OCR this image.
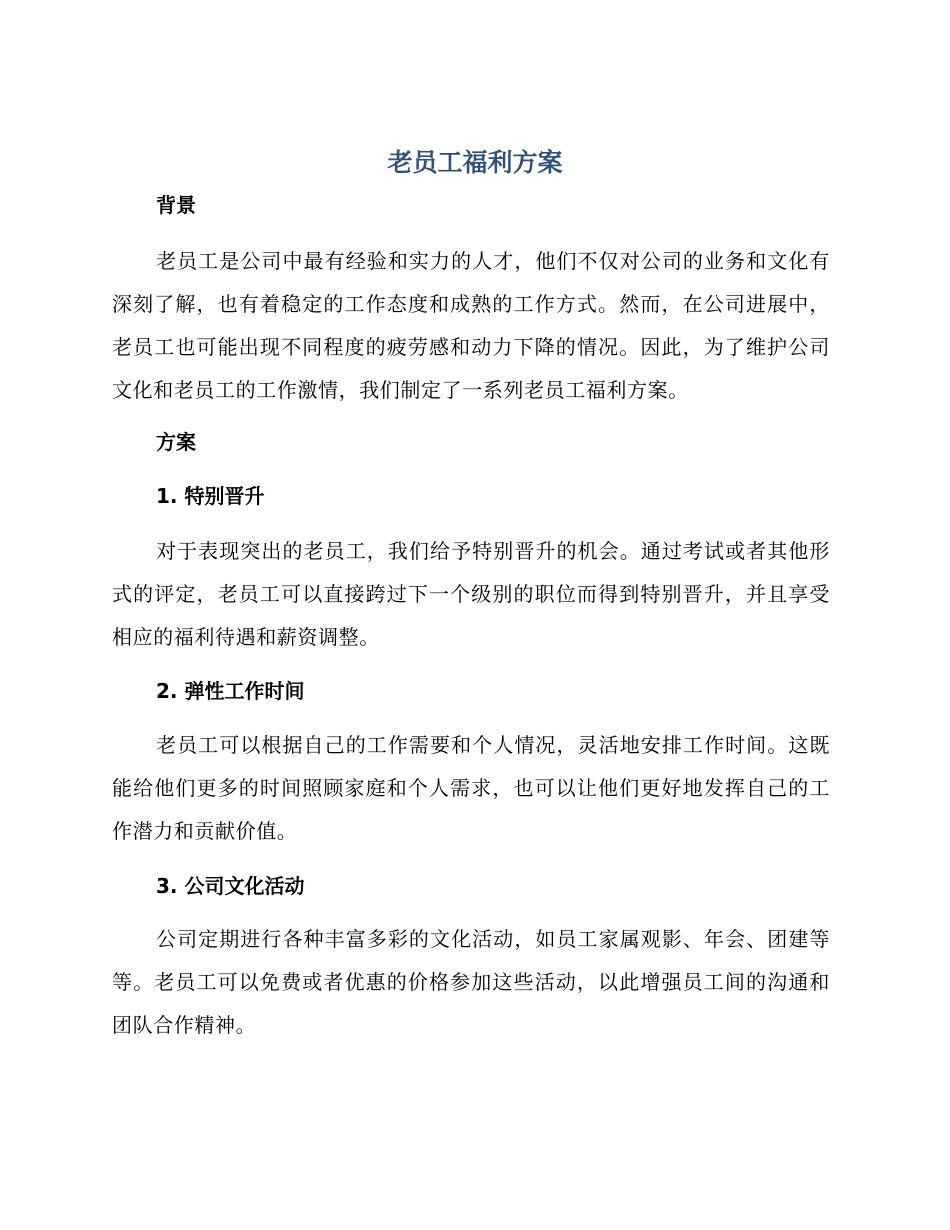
老员工福利方案
背景

老员工是公司中最有经验和实力的人才，他们不仅对公司的业务和文化有深刻了解，也有着稳定的工作态度和成熟的工作方式。然而，在公司进展中，老员工也可能出现不同程度的疲劳感和动力下降的情况。因此，为了维护公司文化和老员工的工作激情，我们制定了一系列老员工福利方案。

方案
1. 特别晋升

对于表现突出的老员工，我们给予特别晋升的机会。通过考试或者其他形式的评定，老员工可以直接跨过下一个级别的职位而得到特别晋升，并且享受相应的福利待遇和薪资调整。

2. 弹性工作时间

老员工可以根据自己的工作需要和个人情况，灵活地安排工作时间。这既能给他们更多的时间照顾家庭和个人需求，也可以让他们更好地发挥自己的工作潜力和贡献价值。

3. 公司文化活动

公司定期进行各种丰富多彩的文化活动，如员工家属观影、年会、团建等等。老员工可以免费或者优惠的价格参加这些活动，以此增强员工间的沟通和团队合作精神。
